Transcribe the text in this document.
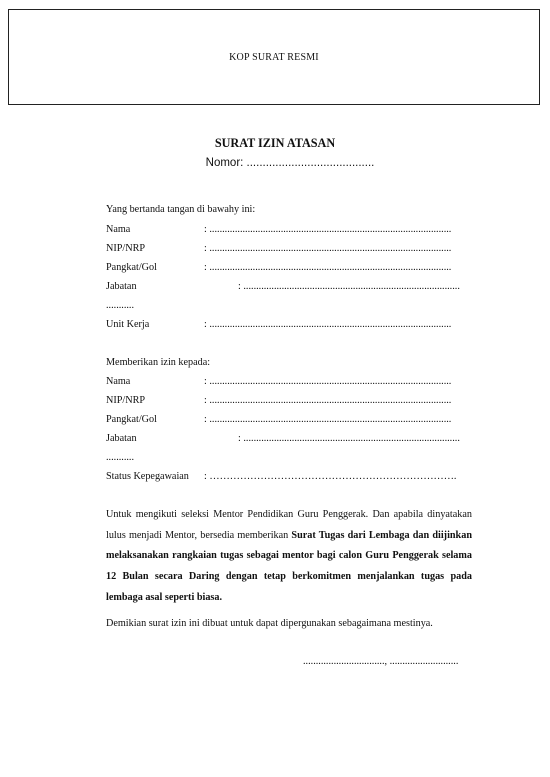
KOP SURAT RESMI
SURAT IZIN ATASAN
Nomor: ........................................
Yang bertanda tangan di bawahy ini:
Nama	: ...............................................................................................
NIP/NRP	: ...............................................................................................
Pangkat/Gol	: ...............................................................................................
Jabatan	: .....................................................................................
...........
Unit Kerja	: ...............................................................................................
Memberikan izin kepada:
Nama	: ...............................................................................................
NIP/NRP	: ...............................................................................................
Pangkat/Gol	: ...............................................................................................
Jabatan	: .....................................................................................
...........
Status Kepegawaian : ……………………………………………………………….
Untuk mengikuti seleksi Mentor Pendidikan Guru Penggerak. Dan apabila dinyatakan lulus menjadi Mentor, bersedia memberikan Surat Tugas dari Lembaga dan diijinkan melaksanakan rangkaian tugas sebagai mentor bagi calon Guru Penggerak selama 12 Bulan secara Daring dengan tetap berkomitmen menjalankan tugas pada lembaga asal seperti biasa.
Demikian surat izin ini dibuat untuk dapat dipergunakan sebagaimana mestinya.
................................, ...........................
